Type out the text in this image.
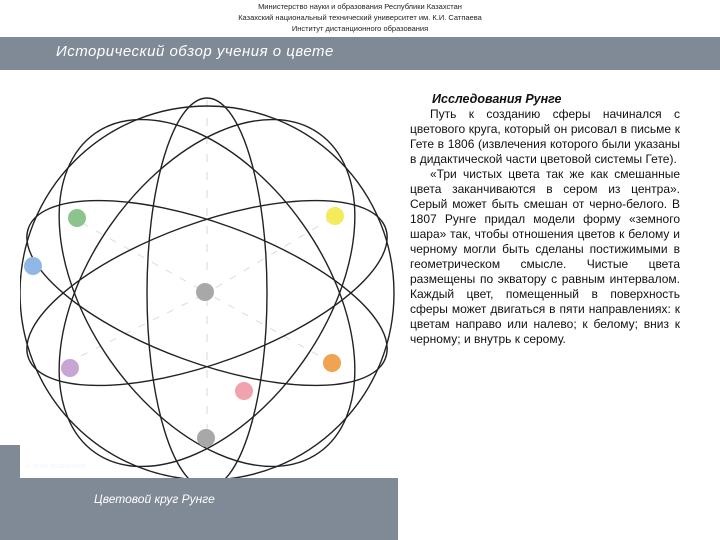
Министерство науки и образования Республики Казахстан
Казахский национальный технический университет им. К.И. Сатпаева
Институт дистанционного образования
Исторический обзор учения о цвете
© echo productions
Цветовой круг Рунге
Исследования Рунге

Путь к созданию сферы начинался с цветового круга, который он рисовал в письме к Гете в 1806 (извлечения которого были указаны в дидактической части цветовой системы Гете).

«Три чистых цвета так же как смешанные цвета заканчиваются в сером из центра». Серый может быть смешан от черно-белого. В 1807 Рунге придал модели форму «земного шара» так, чтобы отношения цветов к белому и черному могли быть сделаны постижимыми в геометрическом смысле. Чистые цвета размещены по экватору с равным интервалом. Каждый цвет, помещенный в поверхность сферы может двигаться в пяти направлениях: к цветам направо или налево; к белому; вниз к черному; и внутрь к серому.
